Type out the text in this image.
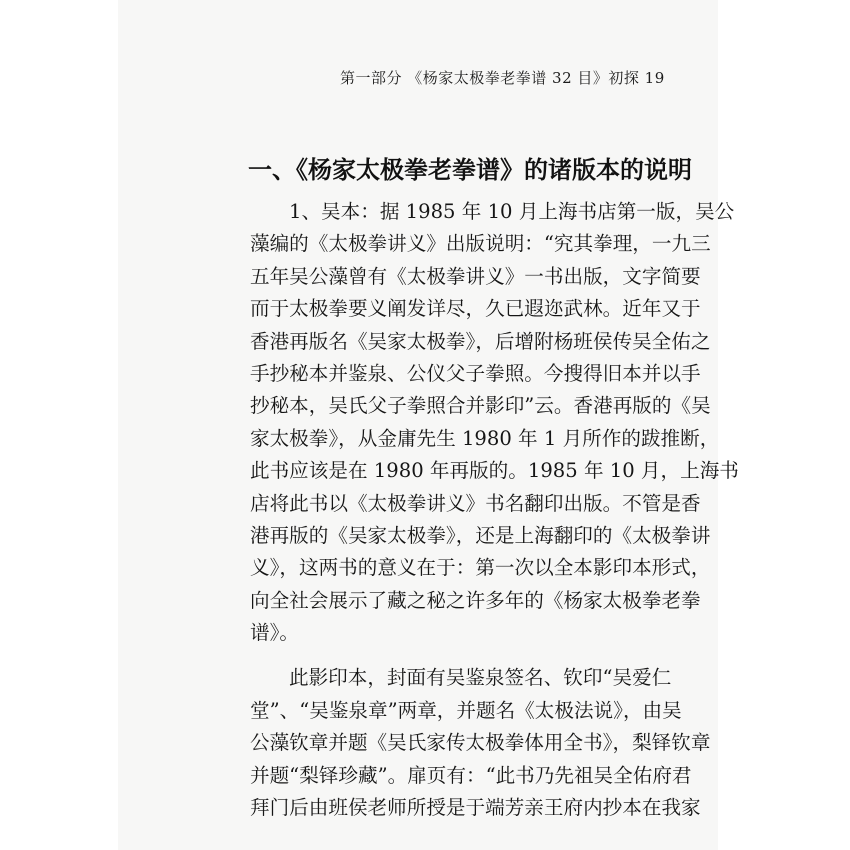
第一部分 《杨家太极拳老拳谱 32 目》初探 19
一、《杨家太极拳老拳谱》的诸版本的说明
1、吴本：据 1985 年 10 月上海书店第一版，吴公
藻编的《太极拳讲义》出版说明：“究其拳理，一九三
五年吴公藻曾有《太极拳讲义》一书出版，文字简要
而于太极拳要义阐发详尽，久已遐迩武林。近年又于
香港再版名《吴家太极拳》，后增附杨班侯传吴全佑之
手抄秘本并鉴泉、公仪父子拳照。今搜得旧本并以手
抄秘本，吴氏父子拳照合并影印”云。香港再版的《吴
家太极拳》，从金庸先生 1980 年 1 月所作的跋推断，
此书应该是在 1980 年再版的。1985 年 10 月，上海书
店将此书以《太极拳讲义》书名翻印出版。不管是香
港再版的《吴家太极拳》，还是上海翻印的《太极拳讲
义》，这两书的意义在于：第一次以全本影印本形式，
向全社会展示了藏之秘之许多年的《杨家太极拳老拳
谱》。
此影印本，封面有吴鉴泉签名、钦印“吴爱仁
堂”、“吴鉴泉章”两章，并题名《太极法说》，由吴
公藻钦章并题《吴氏家传太极拳体用全书》，梨铎钦章
并题“梨铎珍藏”。扉页有：“此书乃先祖吴全佑府君
拜门后由班侯老师所授是于端芳亲王府内抄本在我家
